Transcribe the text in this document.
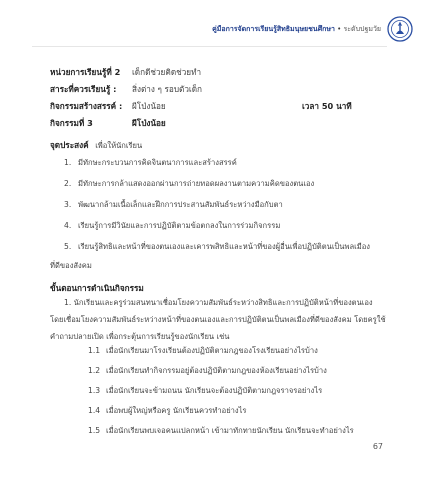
คู่มือการจัดการเรียนรู้สิทธิมนุษยชนศึกษา • ระดับปฐมวัย
หน่วยการเรียนรู้ที่ 2 เด็กดีช่วยคิดช่วยทำ
สาระที่ควรเรียนรู้ : สิ่งต่าง ๆ รอบตัวเด็ก
กิจกรรมสร้างสรรค์ : ผีโป่งน้อย	เวลา 50 นาที
กิจกรรมที่ 3	ผีโป่งน้อย
จุดประสงค์ เพื่อให้นักเรียน
1. มีทักษะกระบวนการคิดจินตนาการและสร้างสรรค์
2. มีทักษะการกล้าแสดงออกผ่านการถ่ายทอดผลงานตามความคิดของตนเอง
3. พัฒนากล้ามเนื้อเล็กและฝึกการประสานสัมพันธ์ระหว่างมือกับตา
4. เรียนรู้การมีวินัยและการปฏิบัติตามข้อตกลงในการร่วมกิจกรรม
5. เรียนรู้สิทธิและหน้าที่ของตนเองและเคารพสิทธิและหน้าที่ของผู้อื่นเพื่อปฏิบัติตนเป็นพลเมือง
ที่ดีของสังคม
ขั้นตอนการดำเนินกิจกรรม
1. นักเรียนและครูร่วมสนทนาเชื่อมโยงความสัมพันธ์ระหว่างสิทธิและการปฏิบัติหน้าที่ของตนเอง
โดยเชื่อมโยงความสัมพันธ์ระหว่างหน้าที่ของตนเองและการปฏิบัติตนเป็นพลเมืองที่ดีของสังคม โดยครูใช้
คำถามปลายเปิด เพื่อกระตุ้นการเรียนรู้ของนักเรียน เช่น
1.1 เมื่อนักเรียนมาโรงเรียนต้องปฏิบัติตามกฎของโรงเรียนอย่างไรบ้าง
1.2 เมื่อนักเรียนทำกิจกรรมอยู่ต้องปฏิบัติตามกฎของห้องเรียนอย่างไรบ้าง
1.3 เมื่อนักเรียนจะข้ามถนน นักเรียนจะต้องปฏิบัติตามกฎจราจรอย่างไร
1.4 เมื่อพบผู้ใหญ่หรือครู นักเรียนควรทำอย่างไร
1.5 เมื่อนักเรียนพบเจอคนแปลกหน้า เข้ามาทักทายนักเรียน นักเรียนจะทำอย่างไร
67
